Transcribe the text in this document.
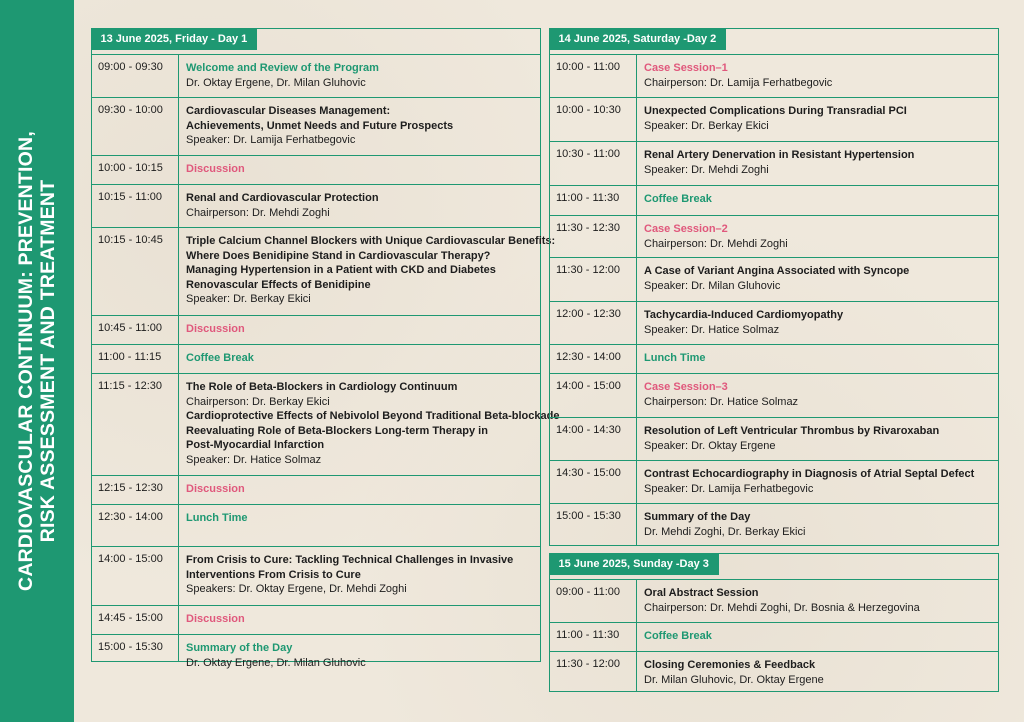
CARDIOVASCULAR CONTINUUM: PREVENTION, RISK ASSESSMENT AND TREATMENT
13 June 2025, Friday - Day 1
09:00 - 09:30 Welcome and Review of the Program
Dr. Oktay Ergene, Dr. Milan Gluhovic
09:30 - 10:00 Cardiovascular Diseases Management:
Achievements, Unmet Needs and Future Prospects
Speaker: Dr. Lamija Ferhatbegovic
10:00 - 10:15 Discussion
10:15 - 11:00 Renal and Cardiovascular Protection
Chairperson: Dr. Mehdi Zoghi
10:15 - 10:45 Triple Calcium Channel Blockers with Unique Cardiovascular Benefits:
Where Does Benidipine Stand in Cardiovascular Therapy?
Managing Hypertension in a Patient with CKD and Diabetes
Renovascular Effects of Benidipine
Speaker: Dr. Berkay Ekici
10:45 - 11:00 Discussion
11:00 - 11:15 Coffee Break
11:15 - 12:30 The Role of Beta-Blockers in Cardiology Continuum
Chairperson: Dr. Berkay Ekici
Cardioprotective Effects of Nebivolol Beyond Traditional Beta-blockade
Reevaluating Role of Beta-Blockers Long-term Therapy in
Post-Myocardial Infarction
Speaker: Dr. Hatice Solmaz
12:15 - 12:30 Discussion
12:30 - 14:00 Lunch Time
14:00 - 15:00 From Crisis to Cure: Tackling Technical Challenges in Invasive
Interventions From Crisis to Cure
Speakers: Dr. Oktay Ergene, Dr. Mehdi Zoghi
14:45 - 15:00 Discussion
15:00 - 15:30 Summary of the Day
Dr. Oktay Ergene, Dr. Milan Gluhovic
14 June 2025, Saturday -Day 2
10:00 - 11:00 Case Session–1
Chairperson: Dr. Lamija Ferhatbegovic
10:00 - 10:30 Unexpected Complications During Transradial PCI
Speaker: Dr. Berkay Ekici
10:30 - 11:00 Renal Artery Denervation in Resistant Hypertension
Speaker: Dr. Mehdi Zoghi
11:00 - 11:30 Coffee Break
11:30 - 12:30 Case Session–2
Chairperson: Dr. Mehdi Zoghi
11:30 - 12:00 A Case of Variant Angina Associated with Syncope
Speaker: Dr. Milan Gluhovic
12:00 - 12:30 Tachycardia-Induced Cardiomyopathy
Speaker: Dr. Hatice Solmaz
12:30 - 14:00 Lunch Time
14:00 - 15:00 Case Session–3
Chairperson: Dr. Hatice Solmaz
14:00 - 14:30 Resolution of Left Ventricular Thrombus by Rivaroxaban
Speaker: Dr. Oktay Ergene
14:30 - 15:00 Contrast Echocardiography in Diagnosis of Atrial Septal Defect
Speaker: Dr. Lamija Ferhatbegovic
15:00 - 15:30 Summary of the Day
Dr. Mehdi Zoghi, Dr. Berkay Ekici
15 June 2025, Sunday -Day 3
09:00 - 11:00 Oral Abstract Session
Chairperson: Dr. Mehdi Zoghi, Dr. Bosnia & Herzegovina
11:00 - 11:30 Coffee Break
11:30 - 12:00 Closing Ceremonies & Feedback
Dr. Milan Gluhovic, Dr. Oktay Ergene
